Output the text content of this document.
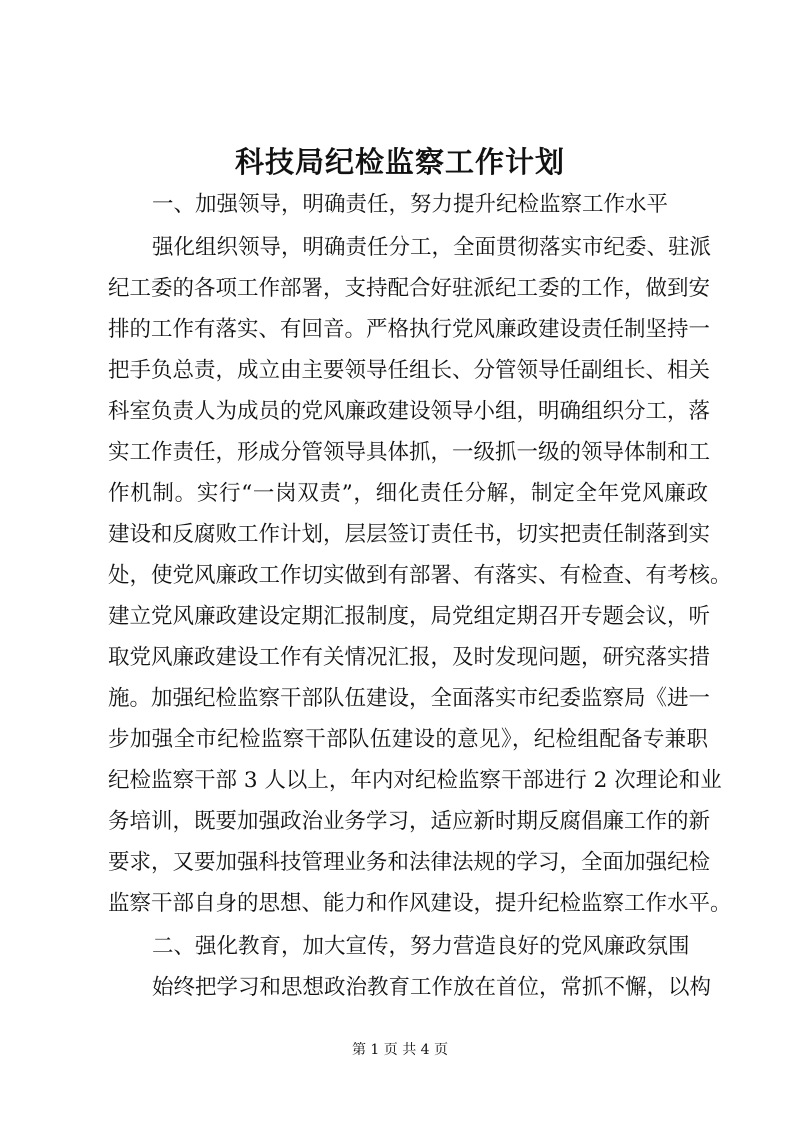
科技局纪检监察工作计划

一、加强领导，明确责任，努力提升纪检监察工作水平

强化组织领导，明确责任分工，全面贯彻落实市纪委、驻派

纪工委的各项工作部署，支持配合好驻派纪工委的工作，做到安

排的工作有落实、有回音。严格执行党风廉政建设责任制坚持一

把手负总责，成立由主要领导任组长、分管领导任副组长、相关

科室负责人为成员的党风廉政建设领导小组，明确组织分工，落

实工作责任，形成分管领导具体抓，一级抓一级的领导体制和工

作机制。实行“一岗双责”，细化责任分解，制定全年党风廉政

建设和反腐败工作计划，层层签订责任书，切实把责任制落到实

处，使党风廉政工作切实做到有部署、有落实、有检查、有考核。

建立党风廉政建设定期汇报制度，局党组定期召开专题会议，听

取党风廉政建设工作有关情况汇报，及时发现问题，研究落实措

施。加强纪检监察干部队伍建设，全面落实市纪委监察局《进一

步加强全市纪检监察干部队伍建设的意见》，纪检组配备专兼职

纪检监察干部 3 人以上，年内对纪检监察干部进行 2 次理论和业

务培训，既要加强政治业务学习，适应新时期反腐倡廉工作的新

要求，又要加强科技管理业务和法律法规的学习，全面加强纪检

监察干部自身的思想、能力和作风建设，提升纪检监察工作水平。

二、强化教育，加大宣传，努力营造良好的党风廉政氛围

始终把学习和思想政治教育工作放在首位，常抓不懈，以构

第 1 页 共 4 页
